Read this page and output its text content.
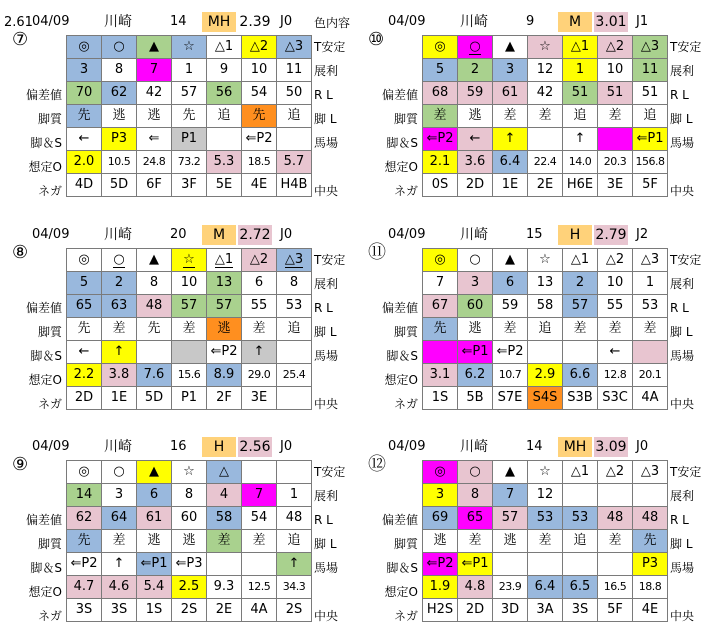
2.61 04/09 川崎	14	MH 2.39 J0 色内容
⑦
偏差値
脚質
脚＆S
想定O
ネガ
T安定
展利
R L
脚 L
馬場
中央
◎	○	▲	☆	△1	△2	△3
3	8	7	1	9	10	11
70	62	42	57	56	54	50
先	逃	逃	先	追	先	追
←	P3	⇐	P1		⇐P2	
2.0	10.5	24.8	73.2	5.3	18.5	5.7
4D	5D	6F	3F	5E	4E	H4B
04/09 川崎	9	M	3.01 J1
⑩
偏差値
脚質
脚＆S
想定O
ネガ
T安定
展利
R L
脚 L
馬場
中央
◎	○	▲	☆	△1	△2	△3
5	2	3	12	1	10	11
68	59	61	42	51	51	51
差	逃	差	差	追	差	追
⇐P2	←	↑		↑		⇐P1
2.1	3.6	6.4	22.4	14.0	20.3	156.8
0S	2D	1E	2E	H6E	3E	5F
04/09 川崎	20	M	2.72 J0
⑧
偏差値
脚質
脚＆S
想定O
ネガ
T安定
展利
R L
脚 L
馬場
中央
◎	○	▲	☆	△1	△2	△3
5	2	8	10	13	6	8
65	63	48	57	57	55	53
先	差	先	差	逃	差	追
←	↑			⇐P2	↑	
2.2	3.8	7.6	15.6	8.9	29.0	25.4
2D	1E	5D	P1	2F	3E	
04/09 川崎	15	H	2.79 J2
⑪
偏差値
脚質
脚＆S
想定O
ネガ
T安定
展利
R L
脚 L
馬場
中央
◎	○	▲	☆	△1	△2	△3
7	3	6	13	2	10	1
67	60	59	58	57	55	53
先	逃	差	追	差	差	差
	⇐P1	⇐P2			←	
3.1	6.2	10.7	2.9	6.6	12.8	20.1
1S	5B	S7E	S4S	S3B	S3C	4A
04/09 川崎	16	H	2.56 J0
⑨
偏差値
脚質
脚＆S
想定O
ネガ
T安定
展利
R L
脚 L
馬場
中央
◎	○	▲	☆	△		
14	3	6	8	4	7	1
62	64	61	60	58	54	48
先	差	逃	逃	差	差	追
⇐P2	↑	⇐P1	⇐P3			↑
4.7	4.6	5.4	2.5	9.3	12.5	34.3
3S	3S	1S	2S	2E	4A	2S
04/09 川崎	14	MH 3.09 J0
⑫
偏差値
脚質
脚＆S
想定O
ネガ
T安定
展利
R L
脚 L
馬場
中央
◎	○	▲	☆	△1	△2	△3
3	8	7	12			
69	65	57	53	53	48	48
逃	差	逃	差	追	差	先
⇐P2	⇐P1					P3
1.9	4.8	23.9	6.4	6.5	16.5	18.8
H2S	2D	3D	3A	3S	5F	4E
